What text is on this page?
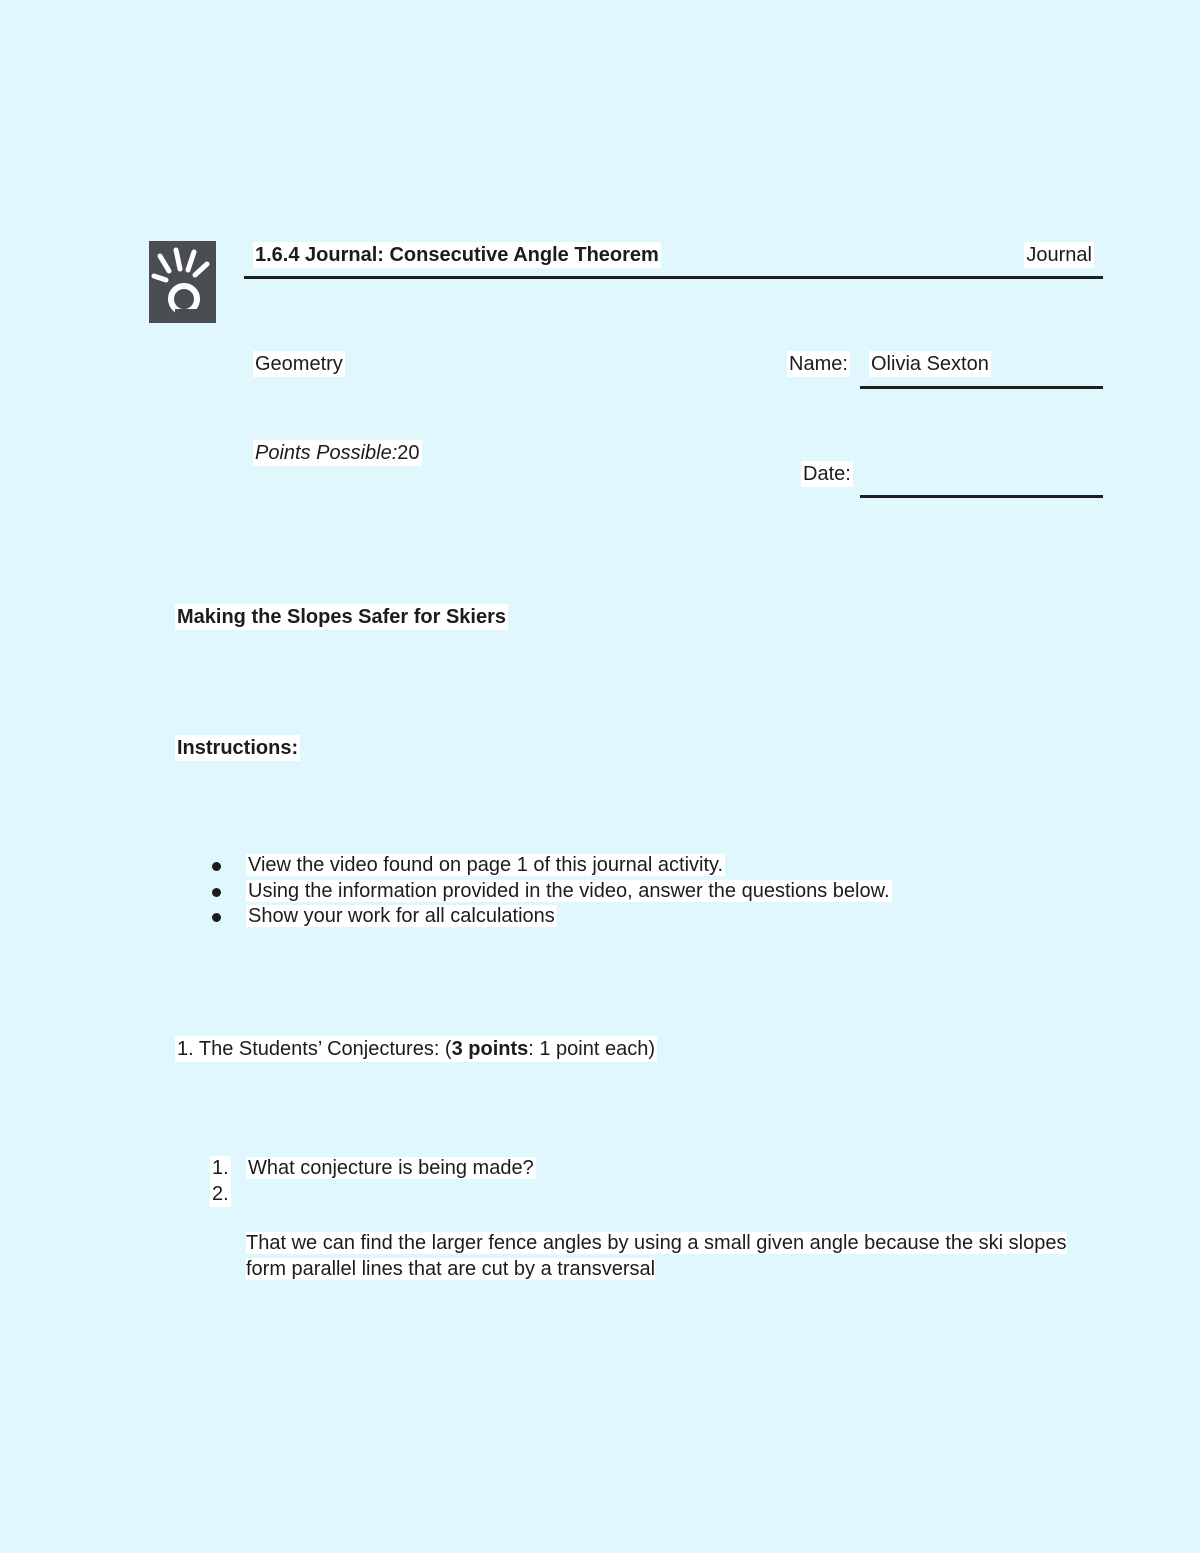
1.6.4 Journal: Consecutive Angle Theorem	Journal
Geometry	Name: Olivia Sexton
Points Possible:20
Date:
Making the Slopes Safer for Skiers
Instructions:
View the video found on page 1 of this journal activity.
Using the information provided in the video, answer the questions below.
Show your work for all calculations
1. The Students’ Conjectures: (3 points: 1 point each)
1. What conjecture is being made?
2.
That we can find the larger fence angles by using a small given angle because the ski slopes form parallel lines that are cut by a transversal
